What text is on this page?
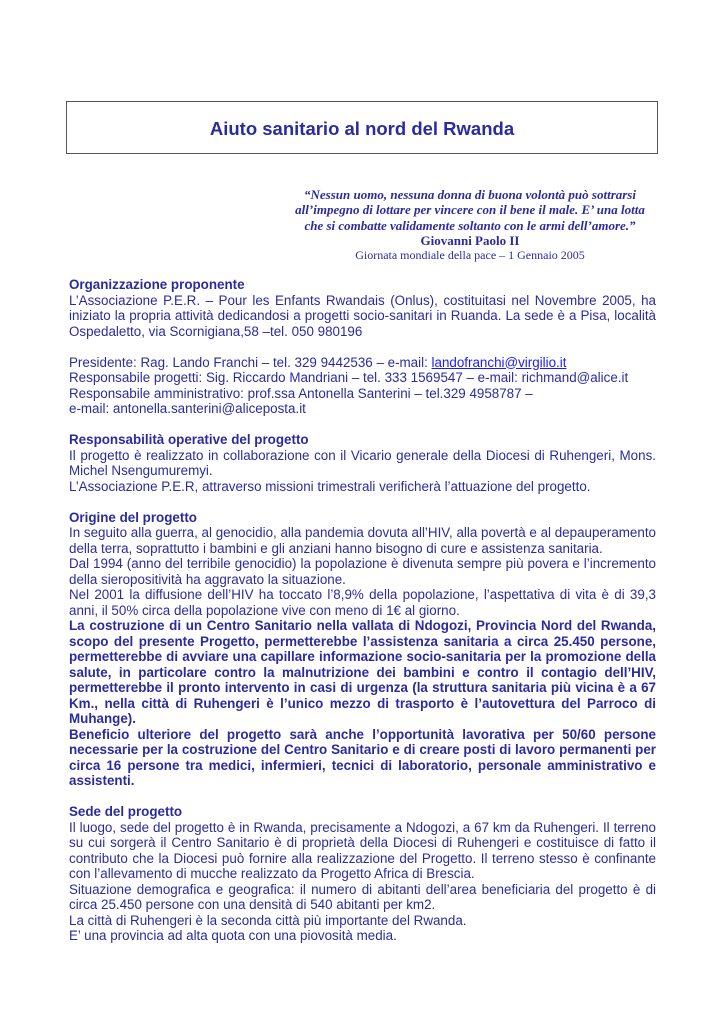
Aiuto sanitario al nord del Rwanda
“Nessun uomo, nessuna donna di buona volontà può sottrarsi
all’impegno di lottare per vincere con il bene il male. E’ una lotta
che si combatte validamente soltanto con le armi dell’amore.”
Giovanni Paolo II
Giornata mondiale della pace – 1 Gennaio 2005

Organizzazione proponente

L’Associazione P.E.R. – Pour les Enfants Rwandais (Onlus), costituitasi nel Novembre 2005, ha iniziato la propria attività dedicandosi a progetti socio-sanitari in Ruanda. La sede è a Pisa, località Ospedaletto, via Scornigiana,58 –tel. 050 980196

Presidente: Rag. Lando Franchi – tel. 329 9442536 – e-mail: landofranchi@virgilio.it

Responsabile progetti: Sig. Riccardo Mandriani – tel. 333 1569547 – e-mail: richmand@alice.it

Responsabile amministrativo: prof.ssa Antonella Santerini – tel.329 4958787 –

e-mail: antonella.santerini@aliceposta.it

Responsabilità operative del progetto

Il progetto è realizzato in collaborazione con il Vicario generale della Diocesi di Ruhengeri, Mons. Michel Nsengumuremyi.

L’Associazione P.E.R, attraverso missioni trimestrali verificherà l’attuazione del progetto.

Origine del progetto

In seguito alla guerra, al genocidio, alla pandemia dovuta all’HIV, alla povertà e al depauperamento della terra, soprattutto i bambini e gli anziani hanno bisogno di cure e assistenza sanitaria.

Dal 1994 (anno del terribile genocidio) la popolazione è divenuta sempre più povera e l’incremento della sieropositività ha aggravato la situazione.

Nel 2001 la diffusione dell’HIV ha toccato l’8,9% della popolazione, l’aspettativa di vita è di 39,3 anni, il 50% circa della popolazione vive con meno di 1€ al giorno.

La costruzione di un Centro Sanitario nella vallata di Ndogozi, Provincia Nord del Rwanda, scopo del presente Progetto, permetterebbe l’assistenza sanitaria a circa 25.450 persone, permetterebbe di avviare una capillare informazione socio-sanitaria per la promozione della salute, in particolare contro la malnutrizione dei bambini e contro il contagio dell’HIV, permetterebbe il pronto intervento in casi di urgenza (la struttura sanitaria più vicina è a 67 Km., nella città di Ruhengeri è l’unico mezzo di trasporto è l’autovettura del Parroco di Muhange).

Beneficio ulteriore del progetto sarà anche l’opportunità lavorativa per 50/60 persone necessarie per la costruzione del Centro Sanitario e di creare posti di lavoro permanenti per circa 16 persone tra medici, infermieri, tecnici di laboratorio, personale amministrativo e assistenti.

Sede del progetto

Il luogo, sede del progetto è in Rwanda, precisamente a Ndogozi, a 67 km da Ruhengeri. Il terreno su cui sorgerà il Centro Sanitario è di proprietà della Diocesi di Ruhengeri e costituisce di fatto il contributo che la Diocesi può fornire alla realizzazione del Progetto. Il terreno stesso è confinante con l’allevamento di mucche realizzato da Progetto Africa di Brescia.

Situazione demografica e geografica: il numero di abitanti dell’area beneficiaria del progetto è di circa 25.450 persone con una densità di 540 abitanti per km2.

La città di Ruhengeri è la seconda città più importante del Rwanda.

E’ una provincia ad alta quota con una piovosità media.
